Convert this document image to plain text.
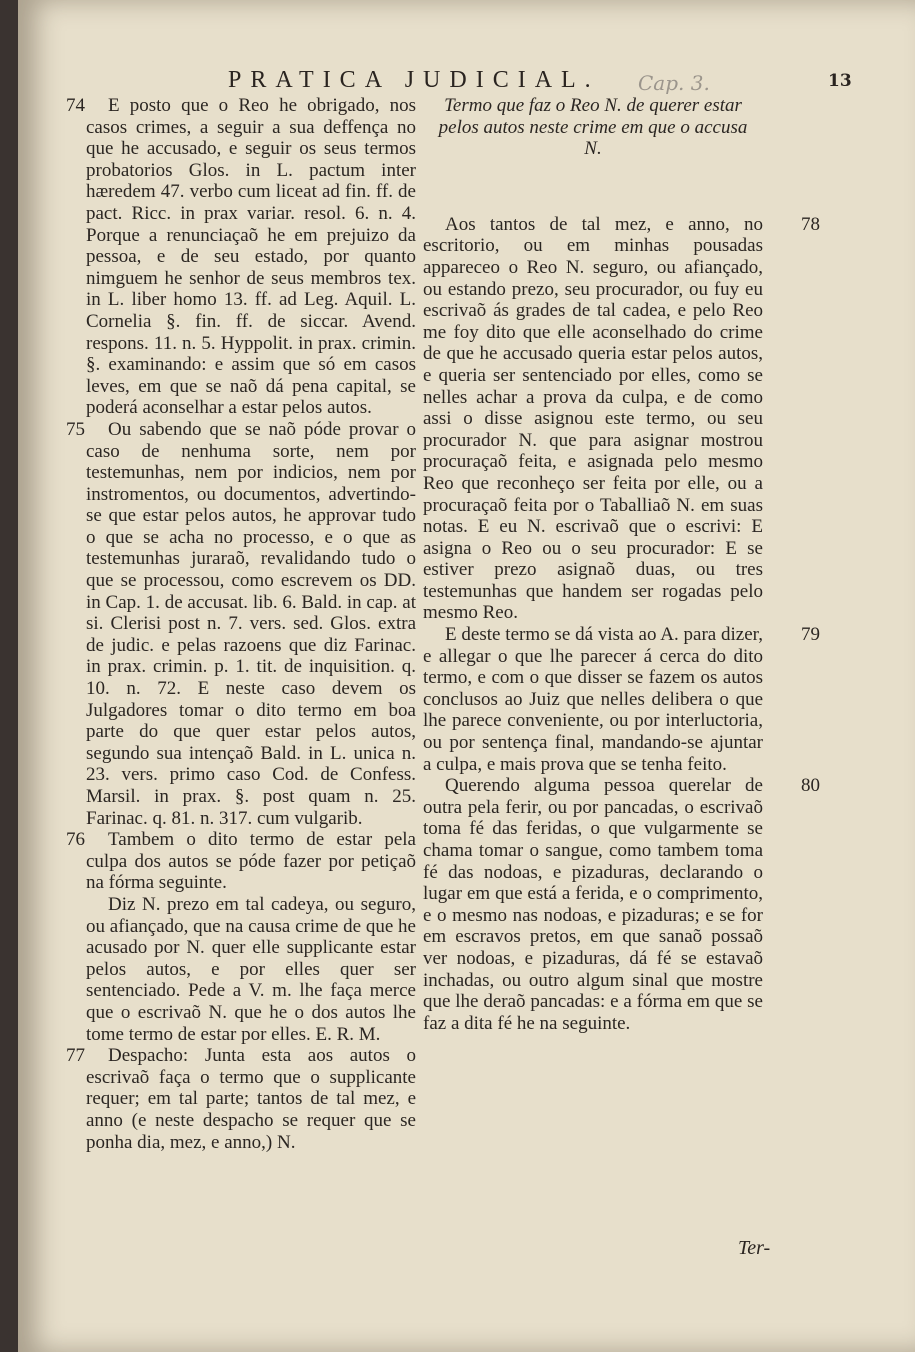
PRATICA JUDICIAL. Cap. 3.	13

74 E posto que o Reo he obrigado, nos casos crimes, a seguir a sua deffença no que he accusado, e seguir os seus termos probatorios Glos. in L. pactum inter hæredem 47. verbo cum liceat ad fin. ff. de pact. Ricc. in prax variar. resol. 6. n. 4. Porque a renunciaçaõ he em prejuizo da pessoa, e de seu estado, por quanto nimguem he senhor de seus membros tex. in L. liber homo 13. ff. ad Leg. Aquil. L. Cornelia §. fin. ff. de siccar. Avend. respons. 11. n. 5. Hyppolit. in prax. crimin. §. examinando: e assim que só em casos leves, em que se naõ dá pena capital, se poderá aconselhar a estar pelos autos.

75 Ou sabendo que se naõ póde provar o caso de nenhuma sorte, nem por testemunhas, nem por indicios, nem por instromentos, ou documentos, advertindo-se que estar pelos autos, he approvar tudo o que se acha no processo, e o que as testemunhas juraraõ, revalidando tudo o que se processou, como escrevem os DD. in Cap. 1. de accusat. lib. 6. Bald. in cap. at si. Clerisi post n. 7. vers. sed. Glos. extra de judic. e pelas razoens que diz Farinac. in prax. crimin. p. 1. tit. de inquisition. q. 10. n. 72. E neste caso devem os Julgadores tomar o dito termo em boa parte do que quer estar pelos autos, segundo sua intençaõ Bald. in L. unica n. 23. vers. primo caso Cod. de Confess. Marsil. in prax. §. post quam n. 25. Farinac. q. 81. n. 317. cum vulgarib.

76 Tambem o dito termo de estar pela culpa dos autos se póde fazer por petiçaõ na fórma seguinte.

Diz N. prezo em tal cadeya, ou seguro, ou afiançado, que na causa crime de que he acusado por N. quer elle supplicante estar pelos autos, e por elles quer ser sentenciado. Pede a V. m. lhe faça merce que o escrivaõ N. que he o dos autos lhe tome termo de estar por elles. E. R. M.

77 Despacho: Junta esta aos autos o escrivaõ faça o termo que o supplicante requer; em tal parte; tantos de tal mez, e anno (e neste despacho se requer que se ponha dia, mez, e anno,) N.

Termo que faz o Reo N. de querer estar pelos autos neste crime em que o accusa N.

78
Aos tantos de tal mez, e anno, no escritorio, ou em minhas pousadas appareceo o Reo N. seguro, ou afiançado, ou estando prezo, seu procurador, ou fuy eu escrivaõ ás grades de tal cadea, e pelo Reo me foy dito que elle aconselhado do crime de que he accusado queria estar pelos autos, e queria ser sentenciado por elles, como se nelles achar a prova da culpa, e de como assi o disse asignou este termo, ou seu procurador N. que para asignar mostrou procuraçaõ feita, e asignada pelo mesmo Reo que reconheço ser feita por elle, ou a procuraçaõ feita por o Taballiaõ N. em suas notas. E eu N. escrivaõ que o escrivi: E asigna o Reo ou o seu procurador: E se estiver prezo asignaõ duas, ou tres testemunhas que handem ser rogadas pelo mesmo Reo.

79
E deste termo se dá vista ao A. para dizer, e allegar o que lhe parecer á cerca do dito termo, e com o que disser se fazem os autos conclusos ao Juiz que nelles delibera o que lhe parece conveniente, ou por interluctoria, ou por sentença final, mandando-se ajuntar a culpa, e mais prova que se tenha feito.

80
Querendo alguma pessoa querelar de outra pela ferir, ou por pancadas, o escrivaõ toma fé das feridas, o que vulgarmente se chama tomar o sangue, como tambem toma fé das nodoas, e pizaduras, declarando o lugar em que está a ferida, e o comprimento, e o mesmo nas nodoas, e pizaduras; e se for em escravos pretos, em que sanaõ possaõ ver nodoas, e pizaduras, dá fé se estavaõ inchadas, ou outro algum sinal que mostre que lhe deraõ pancadas: e a fórma em que se faz a dita fé he na seguinte.

Ter-
